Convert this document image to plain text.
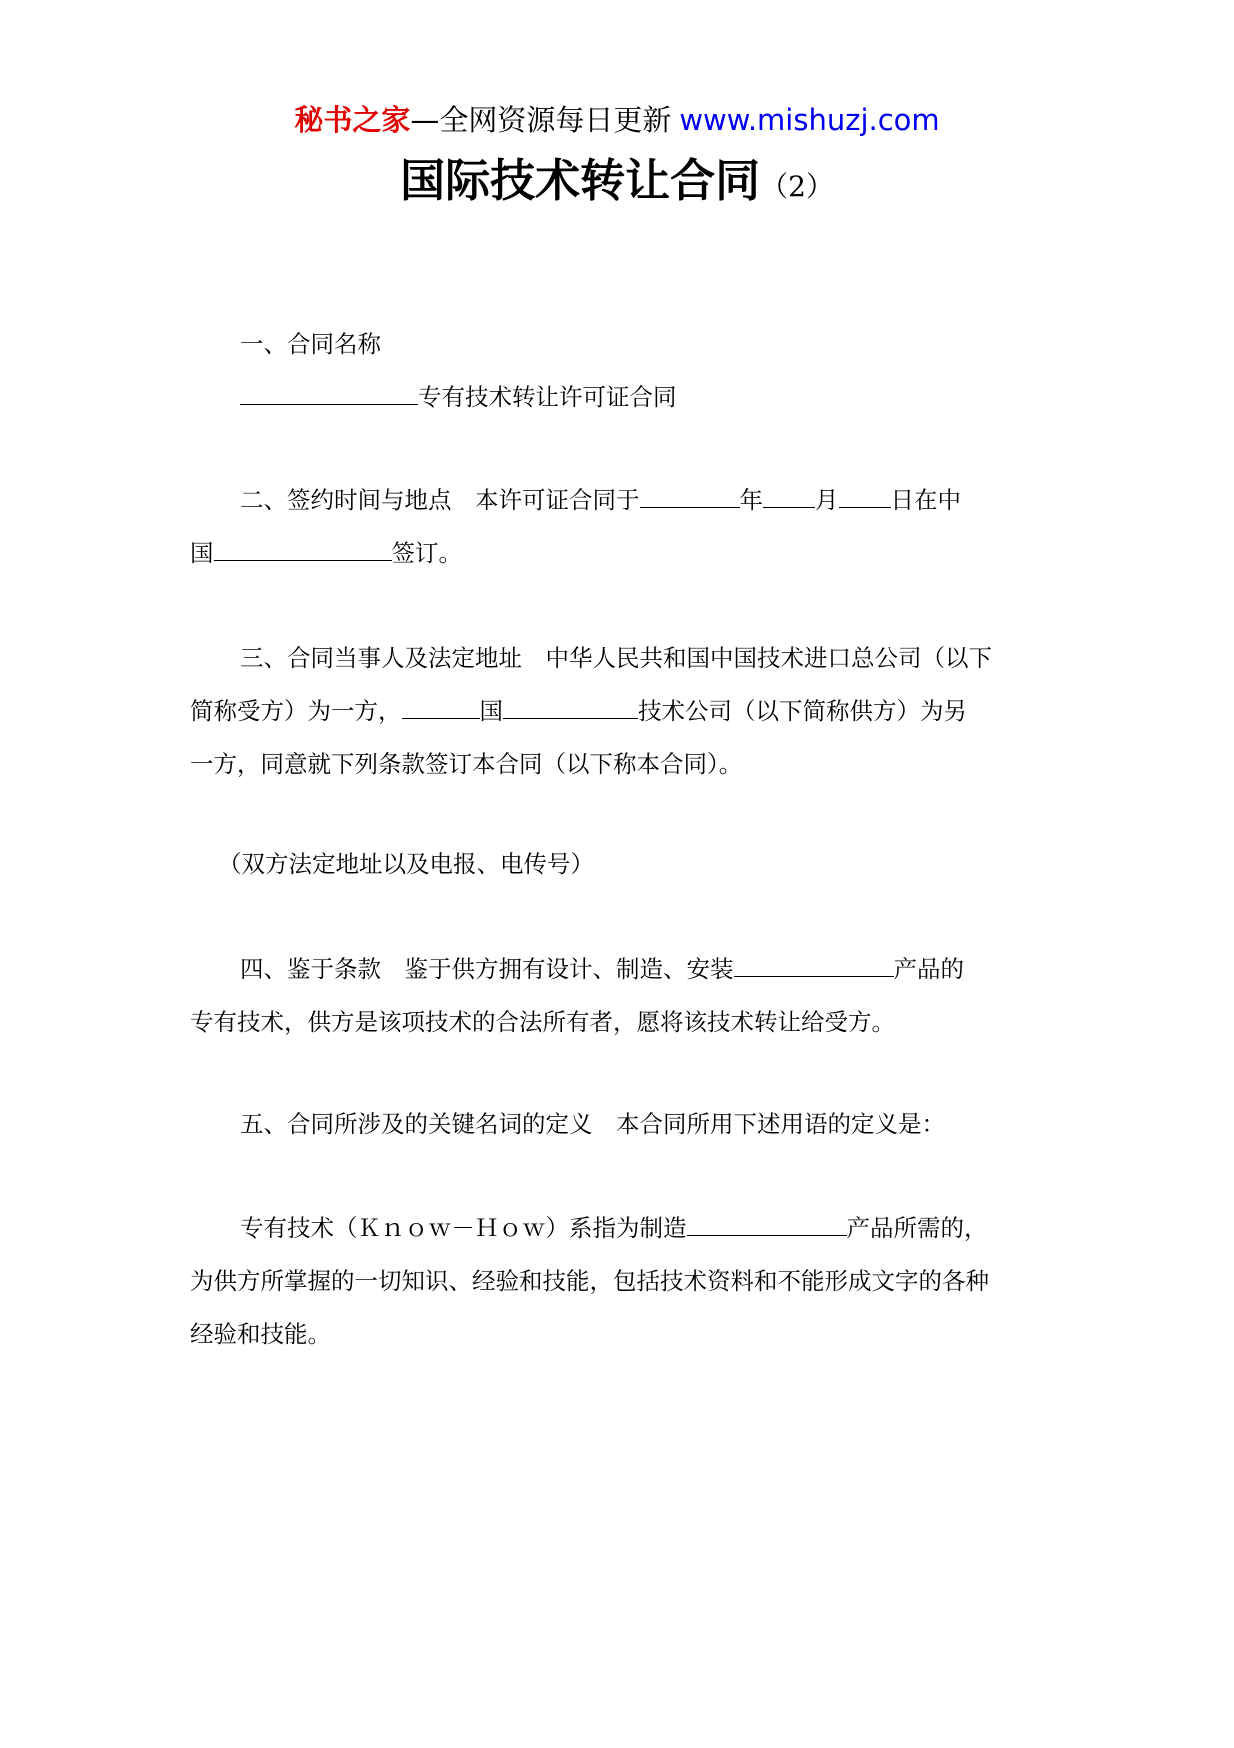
秘书之家—全网资源每日更新 www.mishuzj.com
国际技术转让合同（2）
一、合同名称
专有技术转让许可证合同
二、签约时间与地点　本许可证合同于	年 月 日在中
国	签订。
三、合同当事人及法定地址　中华人民共和国中国技术进口总公司（以下
简称受方）为一方，	国	技术公司（以下简称供方）为另
一方，同意就下列条款签订本合同（以下称本合同）。
（双方法定地址以及电报、电传号）
四、鉴于条款　鉴于供方拥有设计、制造、安装	产品的
专有技术，供方是该项技术的合法所有者，愿将该技术转让给受方。
五、合同所涉及的关键名词的定义　本合同所用下述用语的定义是：
专有技术（Ｋｎｏｗ－Ｈｏｗ）系指为制造	产品所需的，
为供方所掌握的一切知识、经验和技能，包括技术资料和不能形成文字的各种
经验和技能。
